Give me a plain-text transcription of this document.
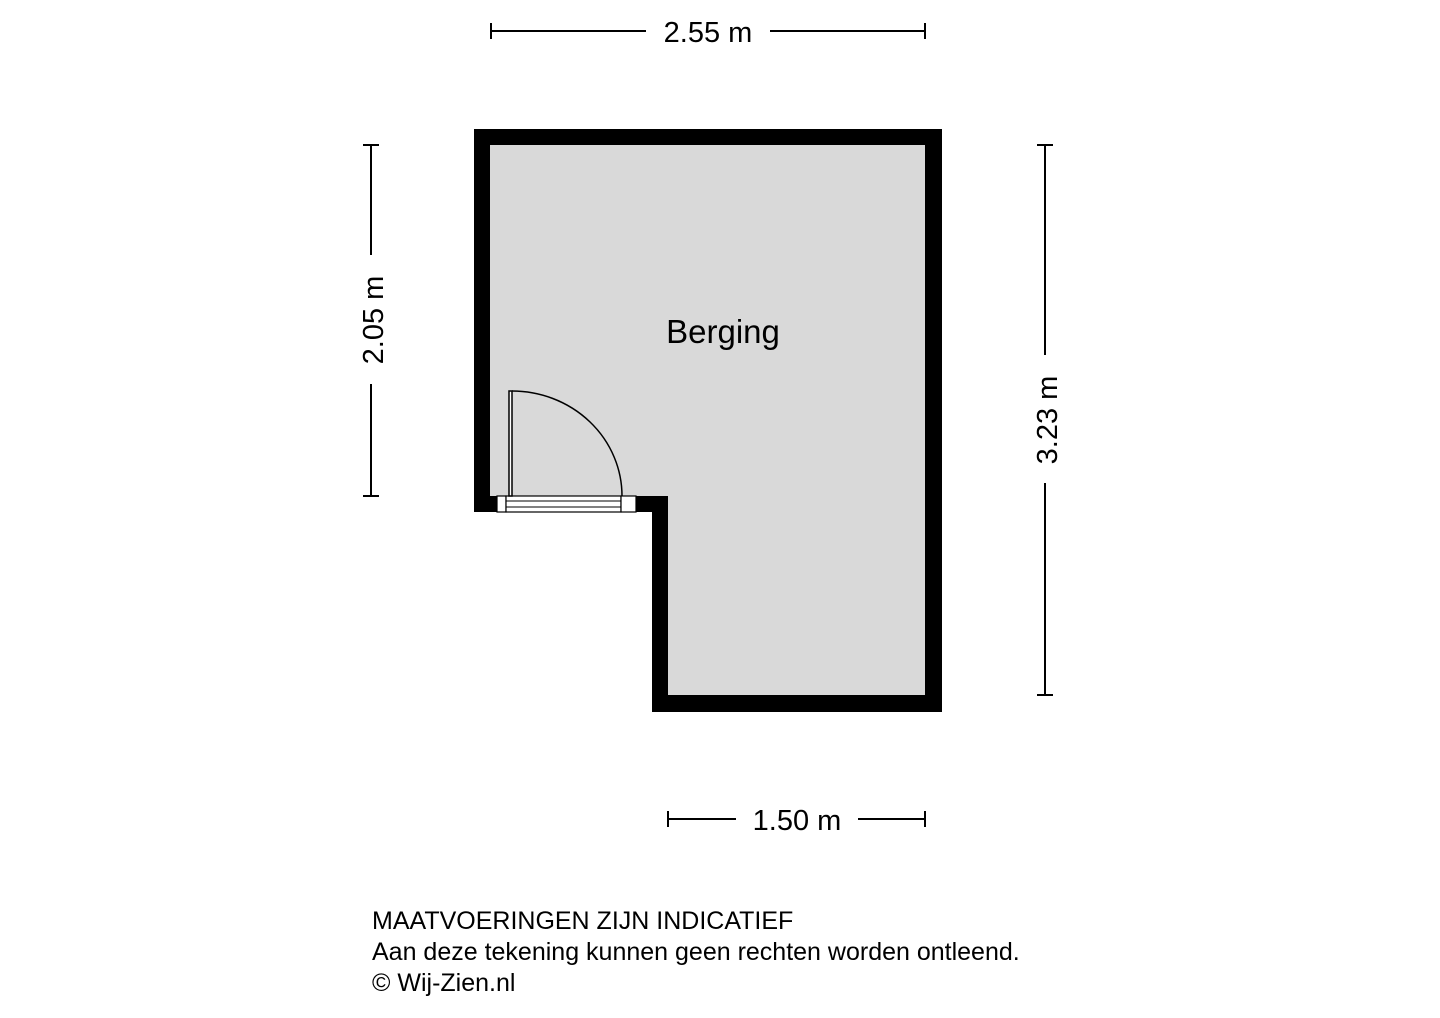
Berging
2.55 m
2.05 m
3.23 m
1.50 m
MAATVOERINGEN ZIJN INDICATIEF
Aan deze tekening kunnen geen rechten worden ontleend.
© Wij-Zien.nl
